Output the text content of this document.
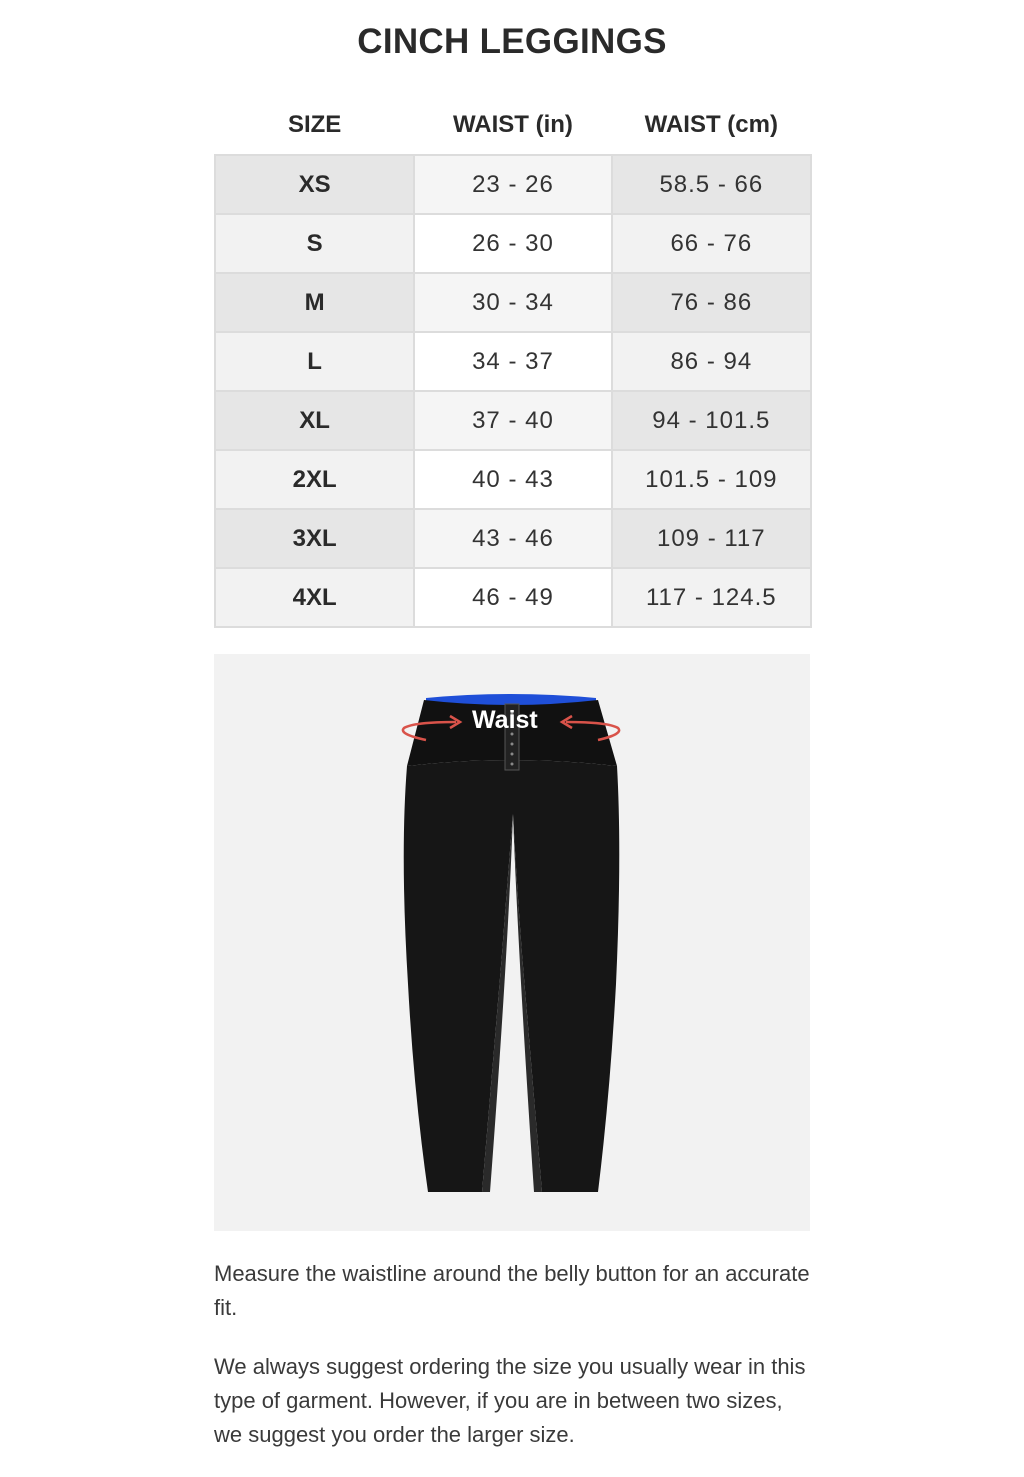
CINCH LEGGINGS
SIZE	WAIST (in)	WAIST (cm)
XS	23 - 26	58.5 - 66
S	26 - 30	66 - 76
M	30 - 34	76 - 86
L	34 - 37	86 - 94
XL	37 - 40	94 - 101.5
2XL	40 - 43	101.5 - 109
3XL	43 - 46	109 - 117
4XL	46 - 49	117 - 124.5
Waist

Measure the waistline around the belly button for an accurate fit.

We always suggest ordering the size you usually wear in this type of garment. However, if you are in between two sizes, we suggest you order the larger size.
